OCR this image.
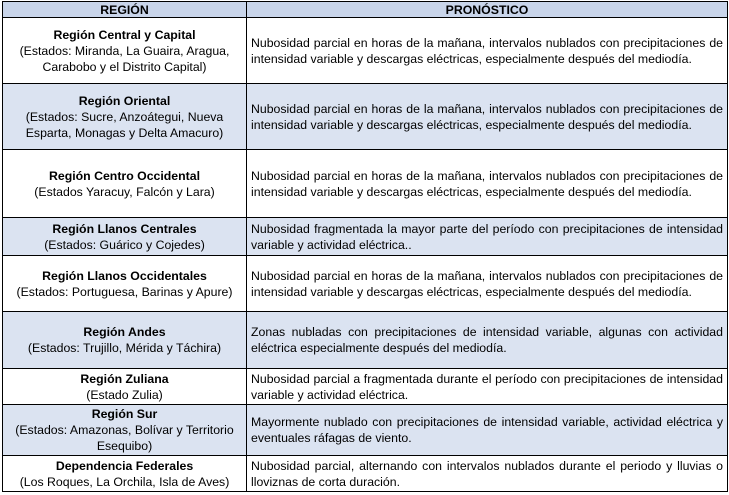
REGIÓN	PRONÓSTICO

Región Central y Capital
(Estados: Miranda, La Guaira, Aragua, Carabobo y el Distrito Capital)	Nubosidad parcial en horas de la mañana, intervalos nublados con precipitaciones de intensidad variable y descargas eléctricas, especialmente después del mediodía.

Región Oriental
(Estados: Sucre, Anzoátegui, Nueva Esparta, Monagas y Delta Amacuro)	Nubosidad parcial en horas de la mañana, intervalos nublados con precipitaciones de intensidad variable y descargas eléctricas, especialmente después del mediodía.

Región Centro Occidental
(Estados Yaracuy, Falcón y Lara)	Nubosidad parcial en horas de la mañana, intervalos nublados con precipitaciones de intensidad variable y descargas eléctricas, especialmente después del mediodía.

Región Llanos Centrales
(Estados: Guárico y Cojedes)	Nubosidad fragmentada la mayor parte del período con precipitaciones de intensidad variable y actividad eléctrica..

Región Llanos Occidentales
(Estados: Portuguesa, Barinas y Apure)	Nubosidad parcial en horas de la mañana, intervalos nublados con precipitaciones de intensidad variable y descargas eléctricas, especialmente después del mediodía.

Región Andes
(Estados: Trujillo, Mérida y Táchira)	Zonas nubladas con precipitaciones de intensidad variable, algunas con actividad eléctrica especialmente después del mediodía.

Región Zuliana
(Estado Zulia)	Nubosidad parcial a fragmentada durante el período con precipitaciones de intensidad variable y actividad eléctrica.

Región Sur
(Estados: Amazonas, Bolívar y Territorio Esequibo)	Mayormente nublado con precipitaciones de intensidad variable, actividad eléctrica y eventuales ráfagas de viento.

Dependencia Federales
(Los Roques, La Orchila, Isla de Aves)	Nubosidad parcial, alternando con intervalos nublados durante el periodo y lluvias o lloviznas de corta duración.
